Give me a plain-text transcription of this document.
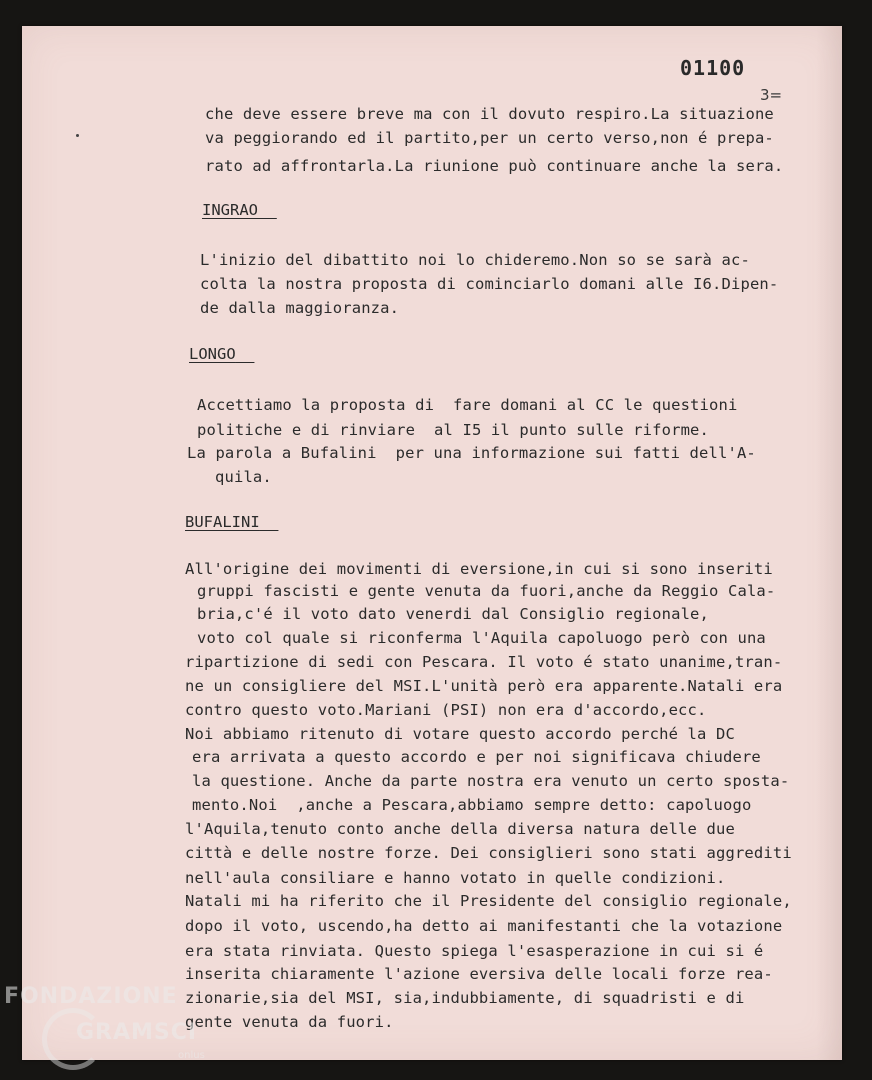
01100
3=
che deve essere breve ma con il dovuto respiro.La situazione
va peggiorando ed il partito,per un certo verso,non é prepa-
rato ad affrontarla.La riunione può continuare anche la sera.
INGRAO
L'inizio del dibattito noi lo chideremo.Non so se sarà ac-
colta la nostra proposta di cominciarlo domani alle I6.Dipen-
de dalla maggioranza.
LONGO
Accettiamo la proposta di  fare domani al CC le questioni
politiche e di rinviare  al I5 il punto sulle riforme.
La parola a Bufalini  per una informazione sui fatti dell'A-
quila.
BUFALINI
All'origine dei movimenti di eversione,in cui si sono inseriti
gruppi fascisti e gente venuta da fuori,anche da Reggio Cala-
bria,c'é il voto dato venerdi dal Consiglio regionale,
voto col quale si riconferma l'Aquila capoluogo però con una
ripartizione di sedi con Pescara. Il voto é stato unanime,tran-
ne un consigliere del MSI.L'unità però era apparente.Natali era
contro questo voto.Mariani (PSI) non era d'accordo,ecc.
Noi abbiamo ritenuto di votare questo accordo perché la DC
era arrivata a questo accordo e per noi significava chiudere
la questione. Anche da parte nostra era venuto un certo sposta-
mento.Noi  ,anche a Pescara,abbiamo sempre detto: capoluogo
l'Aquila,tenuto conto anche della diversa natura delle due
città e delle nostre forze. Dei consiglieri sono stati aggrediti
nell'aula consiliare e hanno votato in quelle condizioni.
Natali mi ha riferito che il Presidente del consiglio regionale,
dopo il voto, uscendo,ha detto ai manifestanti che la votazione
era stata rinviata. Questo spiega l'esasperazione in cui si é
inserita chiaramente l'azione eversiva delle locali forze rea-
zionarie,sia del MSI, sia,indubbiamente, di squadristi e di
gente venuta da fuori.
FONDAZIONE
GRAMSCI
onlus
